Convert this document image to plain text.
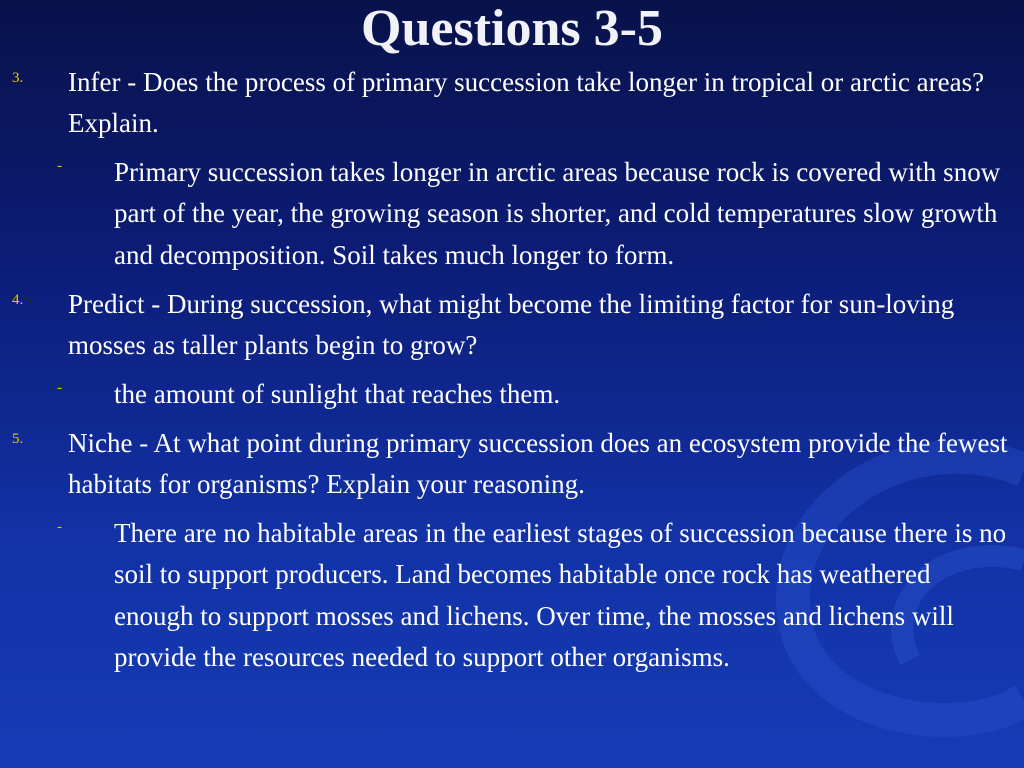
Questions 3-5
3. Infer - Does the process of primary succession take longer in tropical or arctic areas? Explain.
- Primary succession takes longer in arctic areas because rock is covered with snow part of the year, the growing season is shorter, and cold temperatures slow growth and decomposition. Soil takes much longer to form.
4. Predict - During succession, what might become the limiting factor for sun-loving mosses as taller plants begin to grow?
- the amount of sunlight that reaches them.
5. Niche - At what point during primary succession does an ecosystem provide the fewest habitats for organisms? Explain your reasoning.
- There are no habitable areas in the earliest stages of succession because there is no soil to support producers. Land becomes habitable once rock has weathered enough to support mosses and lichens. Over time, the mosses and lichens will provide the resources needed to support other organisms.
